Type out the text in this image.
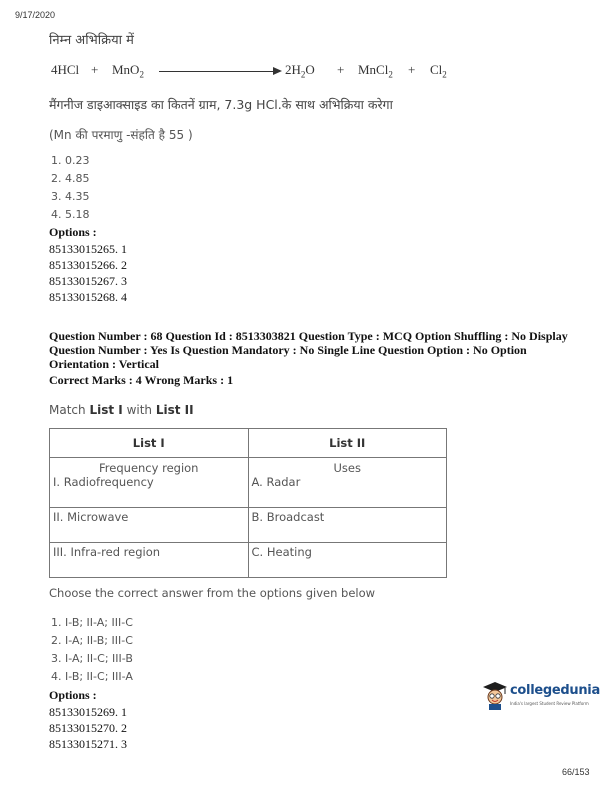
9/17/2020
निम्न अभिक्रिया में
4HCl + MnO$_2$	$2H_2O$ + MnCl$_2$ + $Cl_2$
मैंगनीज डाइआक्साइड का कितनें ग्राम, 7.3g HCl.के साथ अभिक्रिया करेगा
(Mn की परमाणु -संहति है 55 )
1. 0.23
2. 4.85
3. 4.35
4. 5.18
Options :
85133015265. 1
85133015266. 2
85133015267. 3
85133015268. 4
Question Number : 68 Question Id : 8513303821 Question Type : MCQ Option Shuffling : No Display
Question Number : Yes Is Question Mandatory : No Single Line Question Option : No Option
Orientation : Vertical
Correct Marks : 4 Wrong Marks : 1
Match List I with List II
List I	List II
Frequency region	Uses
I. Radiofrequency	A. Radar
II. Microwave	B. Broadcast
III. Infra-red region	C. Heating
Choose the correct answer from the options given below
1. I-B; II-A; III-C
2. I-A; II-B; III-C
3. I-A; II-C; III-B
4. I-B; II-C; III-A
Options :
85133015269. 1
85133015270. 2
85133015271. 3
collegedunia
India's largest Student Review Platform
66/153
